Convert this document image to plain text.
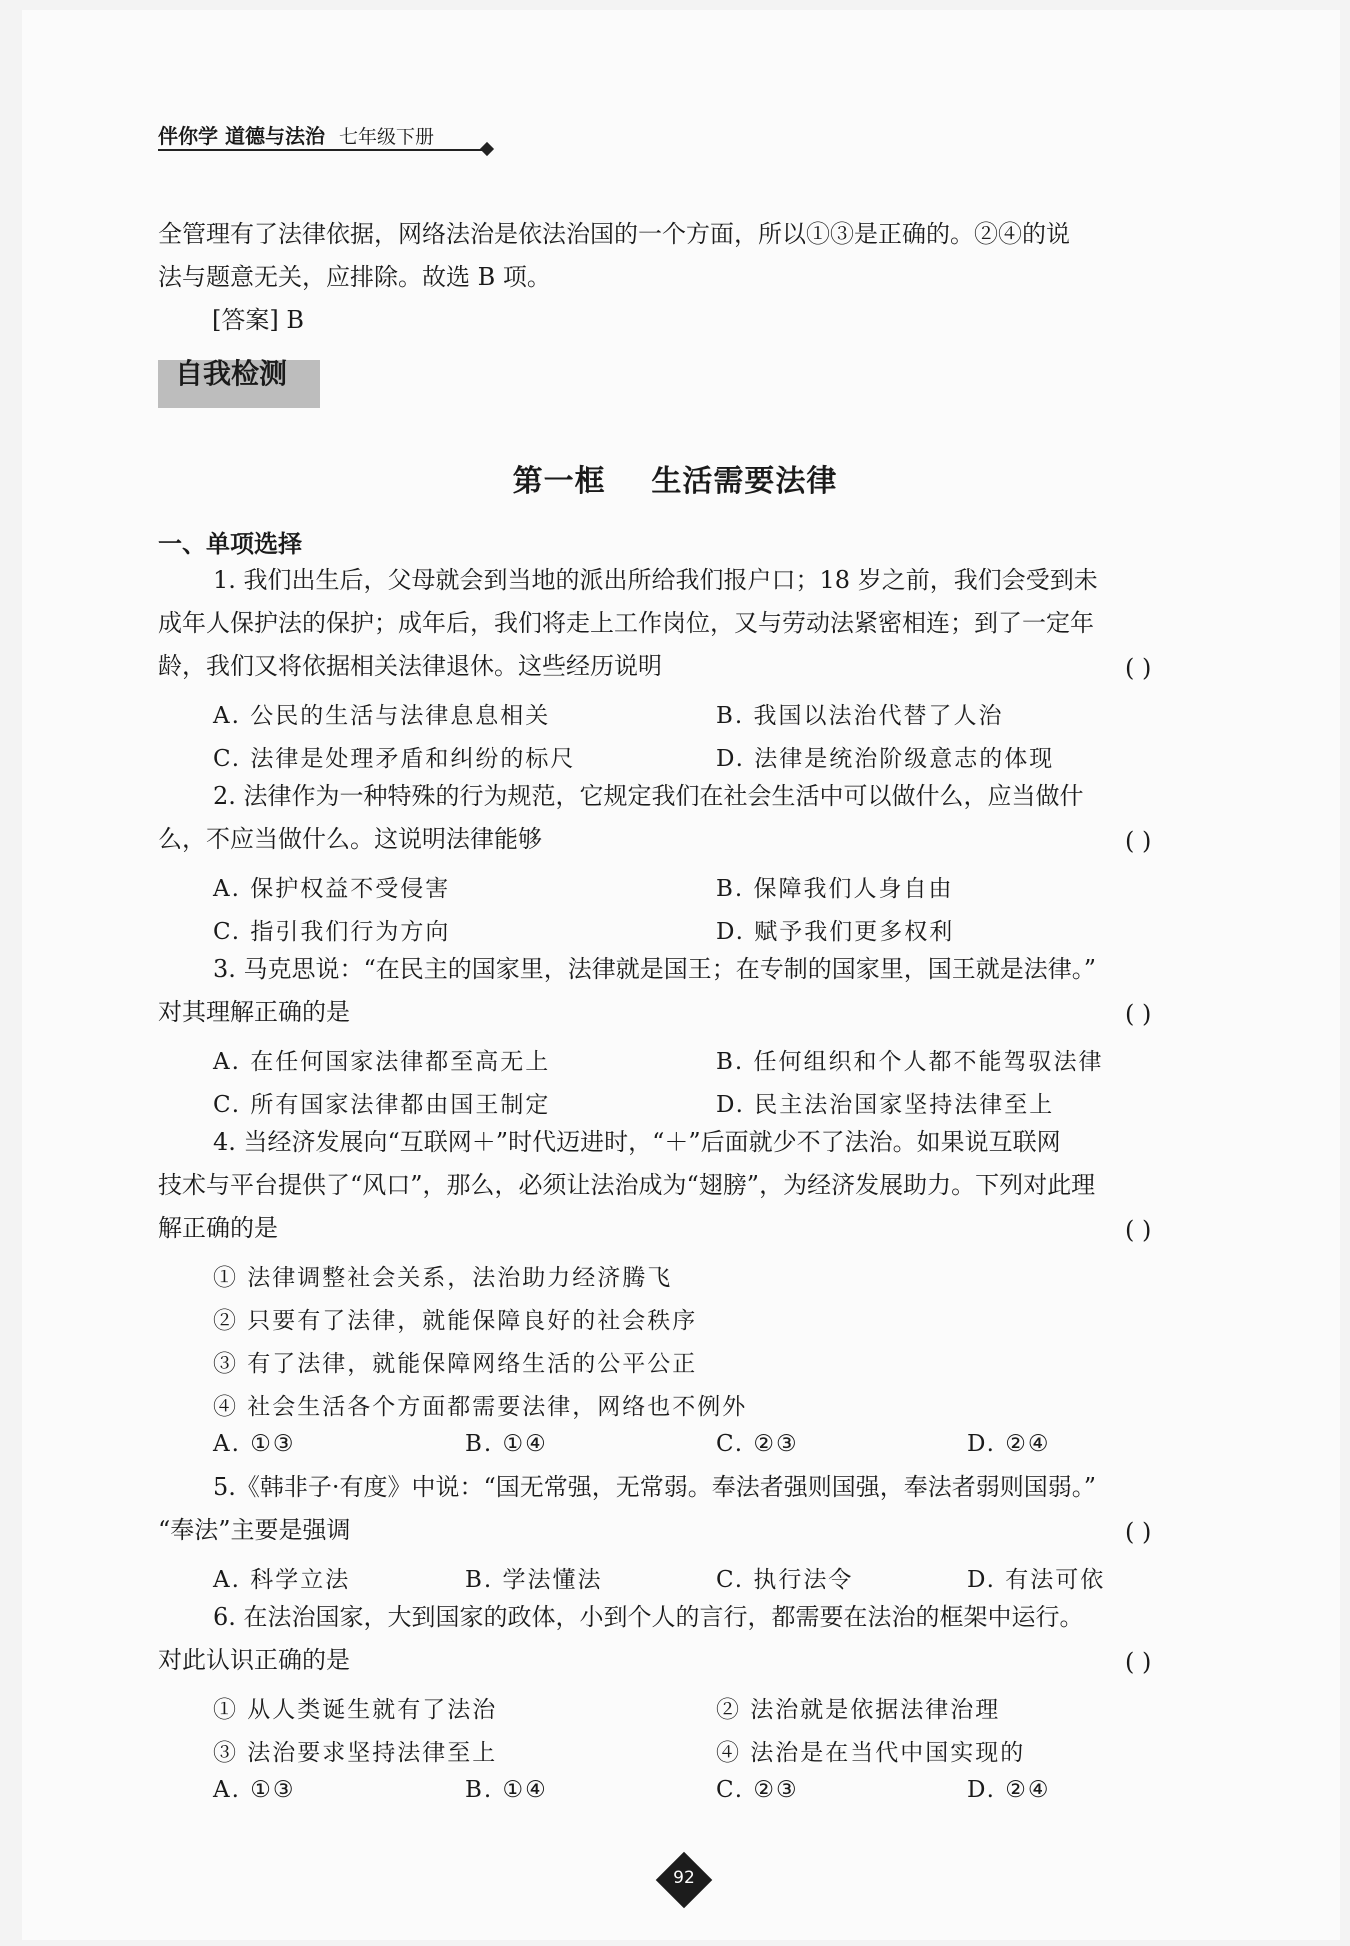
伴你学 道德与法治 七年级下册
全管理有了法律依据，网络法治是依法治国的一个方面，所以①③是正确的。②④的说
法与题意无关，应排除。故选 B 项。
[答案] B
自我检测
第一框    生活需要法律
一、单项选择
1. 我们出生后，父母就会到当地的派出所给我们报户口；18 岁之前，我们会受到未
成年人保护法的保护；成年后，我们将走上工作岗位，又与劳动法紧密相连；到了一定年
龄，我们又将依据相关法律退休。这些经历说明	( )
A. 公民的生活与法律息息相关	B. 我国以法治代替了人治
C. 法律是处理矛盾和纠纷的标尺	D. 法律是统治阶级意志的体现
2. 法律作为一种特殊的行为规范，它规定我们在社会生活中可以做什么，应当做什
么，不应当做什么。这说明法律能够	( )
A. 保护权益不受侵害	B. 保障我们人身自由
C. 指引我们行为方向	D. 赋予我们更多权利
3. 马克思说：“在民主的国家里，法律就是国王；在专制的国家里，国王就是法律。”
对其理解正确的是	( )
A. 在任何国家法律都至高无上	B. 任何组织和个人都不能驾驭法律
C. 所有国家法律都由国王制定	D. 民主法治国家坚持法律至上
4. 当经济发展向“互联网＋”时代迈进时，“＋”后面就少不了法治。如果说互联网
技术与平台提供了“风口”，那么，必须让法治成为“翅膀”，为经济发展助力。下列对此理
解正确的是	( )
① 法律调整社会关系，法治助力经济腾飞
② 只要有了法律，就能保障良好的社会秩序
③ 有了法律，就能保障网络生活的公平公正
④ 社会生活各个方面都需要法律，网络也不例外
A. ①③	B. ①④	C. ②③	D. ②④
5.《韩非子·有度》中说：“国无常强，无常弱。奉法者强则国强，奉法者弱则国弱。”
“奉法”主要是强调	( )
A. 科学立法	B. 学法懂法	C. 执行法令	D. 有法可依
6. 在法治国家，大到国家的政体，小到个人的言行，都需要在法治的框架中运行。
对此认识正确的是	( )
① 从人类诞生就有了法治	② 法治就是依据法律治理
③ 法治要求坚持法律至上	④ 法治是在当代中国实现的
A. ①③	B. ①④	C. ②③	D. ②④
92
